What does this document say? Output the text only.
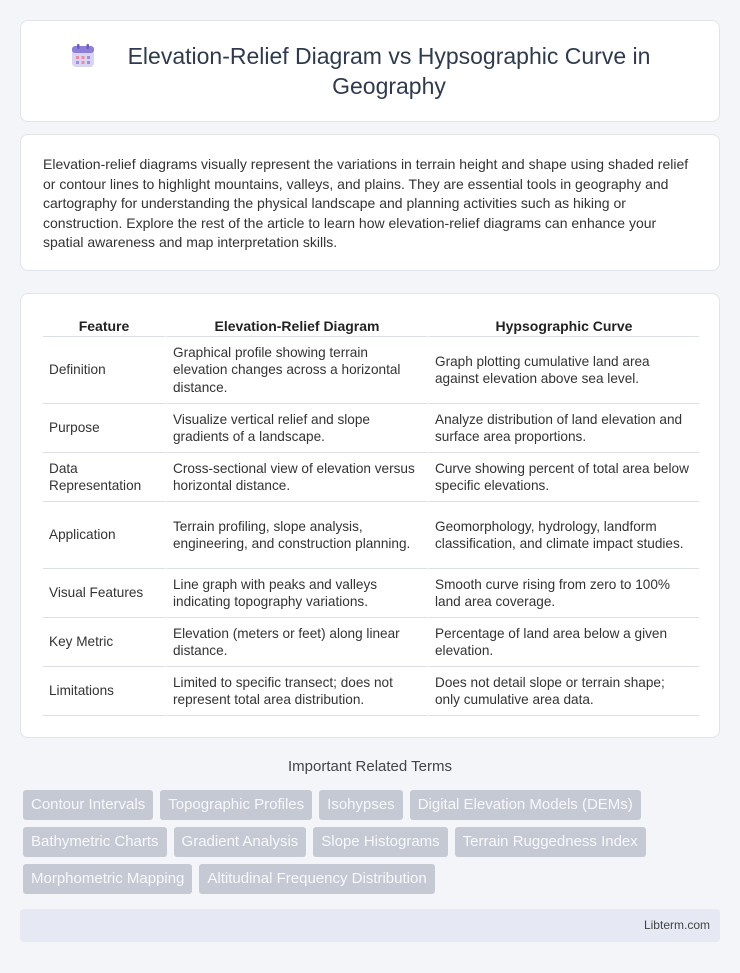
Elevation-Relief Diagram vs Hypsographic Curve in Geography

Elevation-relief diagrams visually represent the variations in terrain height and shape using shaded relief or contour lines to highlight mountains, valleys, and plains. They are essential tools in geography and cartography for understanding the physical landscape and planning activities such as hiking or construction. Explore the rest of the article to learn how elevation-relief diagrams can enhance your spatial awareness and map interpretation skills.

Feature	Elevation-Relief Diagram	Hypsographic Curve
Definition	Graphical profile showing terrain elevation changes across a horizontal distance.	Graph plotting cumulative land area against elevation above sea level.
Purpose	Visualize vertical relief and slope gradients of a landscape.	Analyze distribution of land elevation and surface area proportions.
Data Representation	Cross-sectional view of elevation versus horizontal distance.	Curve showing percent of total area below specific elevations.
Application	Terrain profiling, slope analysis, engineering, and construction planning.	Geomorphology, hydrology, landform classification, and climate impact studies.
Visual Features	Line graph with peaks and valleys indicating topography variations.	Smooth curve rising from zero to 100% land area coverage.
Key Metric	Elevation (meters or feet) along linear distance.	Percentage of land area below a given elevation.
Limitations	Limited to specific transect; does not represent total area distribution.	Does not detail slope or terrain shape; only cumulative area data.
Important Related Terms
Contour Intervals	Topographic Profiles	Isohypses	Digital Elevation Models (DEMs)
Bathymetric Charts	Gradient Analysis	Slope Histograms	Terrain Ruggedness Index
Morphometric Mapping	Altitudinal Frequency Distribution
Libterm.com
